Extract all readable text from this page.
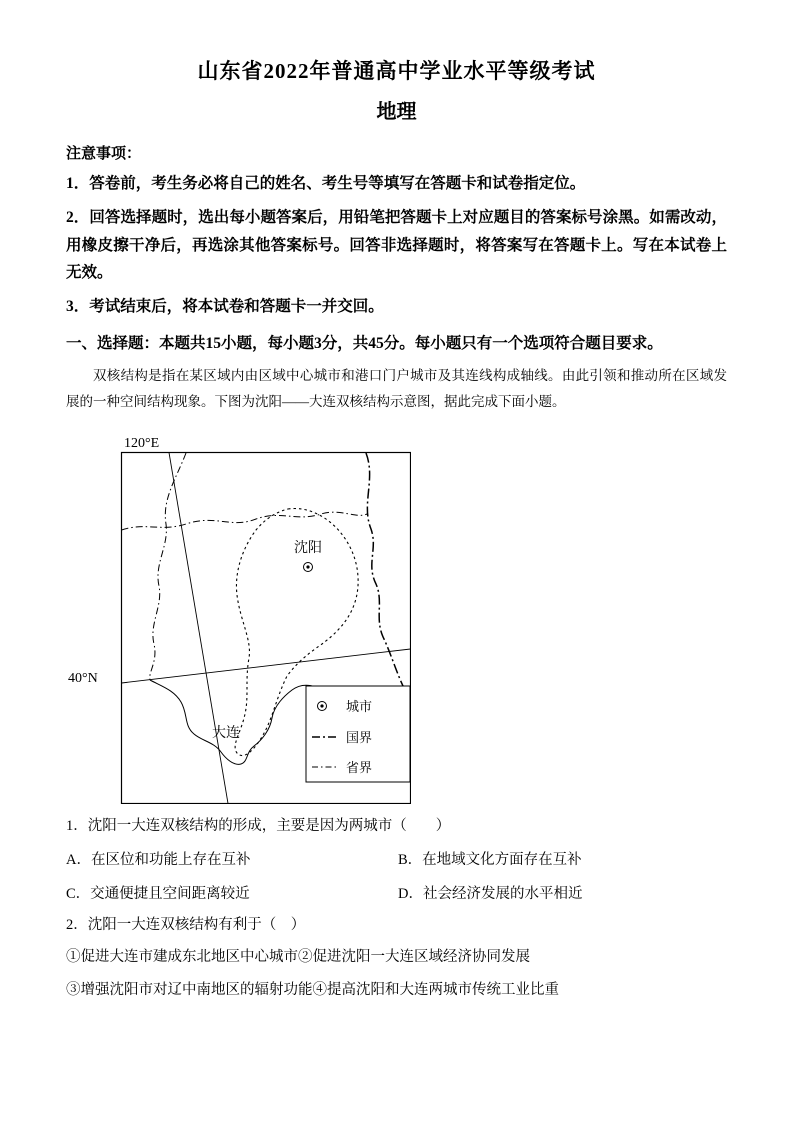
山东省2022年普通高中学业水平等级考试
地理
注意事项：
1．答卷前，考生务必将自己的姓名、考生号等填写在答题卡和试卷指定位。
2．回答选择题时，选出每小题答案后，用铅笔把答题卡上对应题目的答案标号涂黑。如需改动，用橡皮擦干净后，再选涂其他答案标号。回答非选择题时，将答案写在答题卡上。写在本试卷上无效。
3．考试结束后，将本试卷和答题卡一并交回。
一、选择题：本题共15小题，每小题3分，共45分。每小题只有一个选项符合题目要求。
双核结构是指在某区域内由区域中心城市和港口门户城市及其连线构成轴线。由此引领和推动所在区域发展的一种空间结构现象。下图为沈阳——大连双核结构示意图，据此完成下面小题。
120°E
40°N
沈阳
大连
城市
国界
省界
1．沈阳一大连双核结构的形成，主要是因为两城市（　　）
A．在区位和功能上存在互补	B．在地域文化方面存在互补
C．交通便捷且空间距离较近	D．社会经济发展的水平相近
2．沈阳一大连双核结构有利于（　）
①促进大连市建成东北地区中心城市②促进沈阳一大连区域经济协同发展
③增强沈阳市对辽中南地区的辐射功能④提高沈阳和大连两城市传统工业比重
